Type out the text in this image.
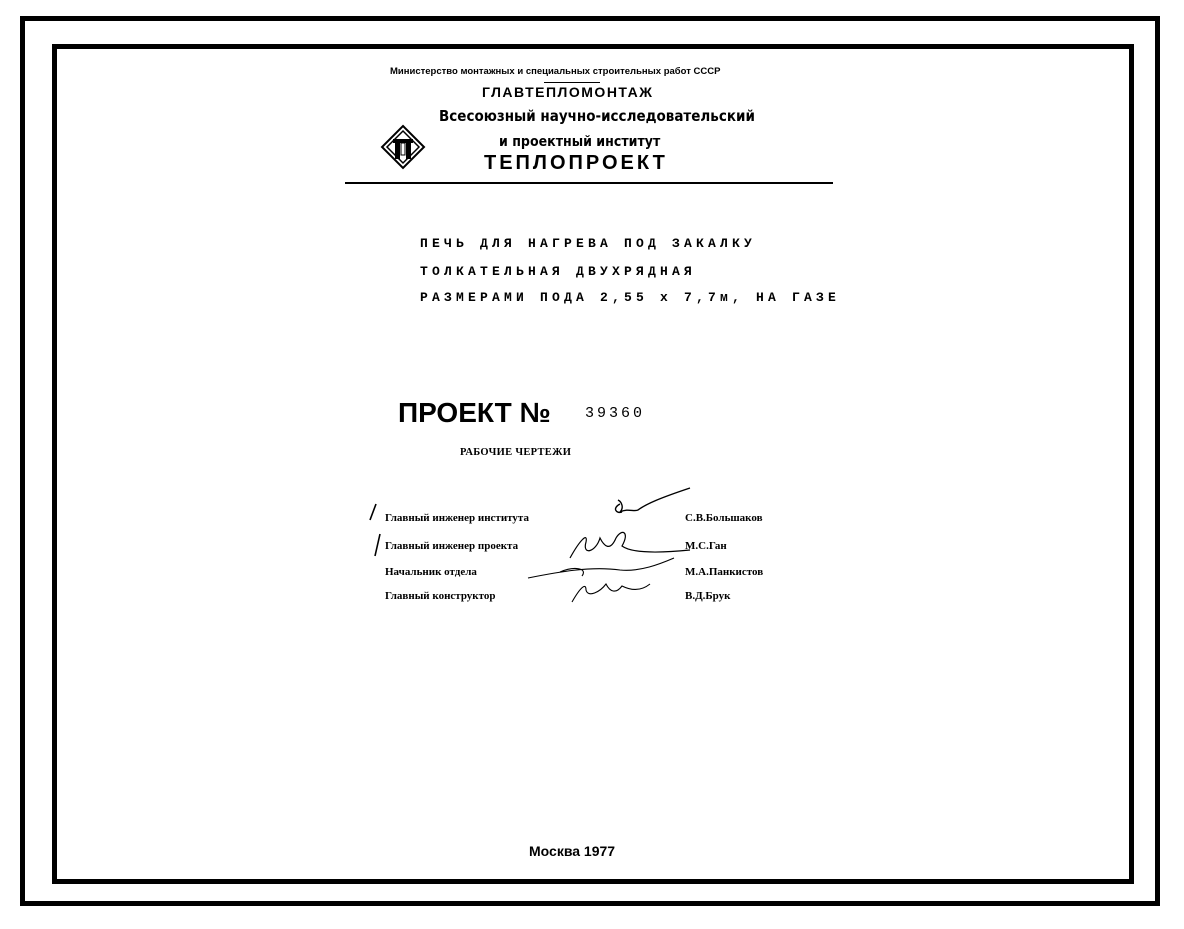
Министерство монтажных и специальных строительных работ СССР
ГЛАВТЕПЛОМОНТАЖ
Всесоюзный научно-исследовательский
и проектный институт
ТЕПЛОПРОЕКТ
ПЕЧЬ ДЛЯ НАГРЕВА ПОД ЗАКАЛКУ
ТОЛКАТЕЛЬНАЯ ДВУХРЯДНАЯ
РАЗМЕРАМИ ПОДА 2,55 х 7,7м, НА ГАЗЕ
ПРОЕКТ № 39360
РАБОЧИЕ ЧЕРТЕЖИ
Главный инженер института	С.В.Большаков
Главный инженер проекта	М.С.Ган
Начальник отдела	М.А.Панкистов
Главный конструктор	В.Д.Брук
Москва 1977
